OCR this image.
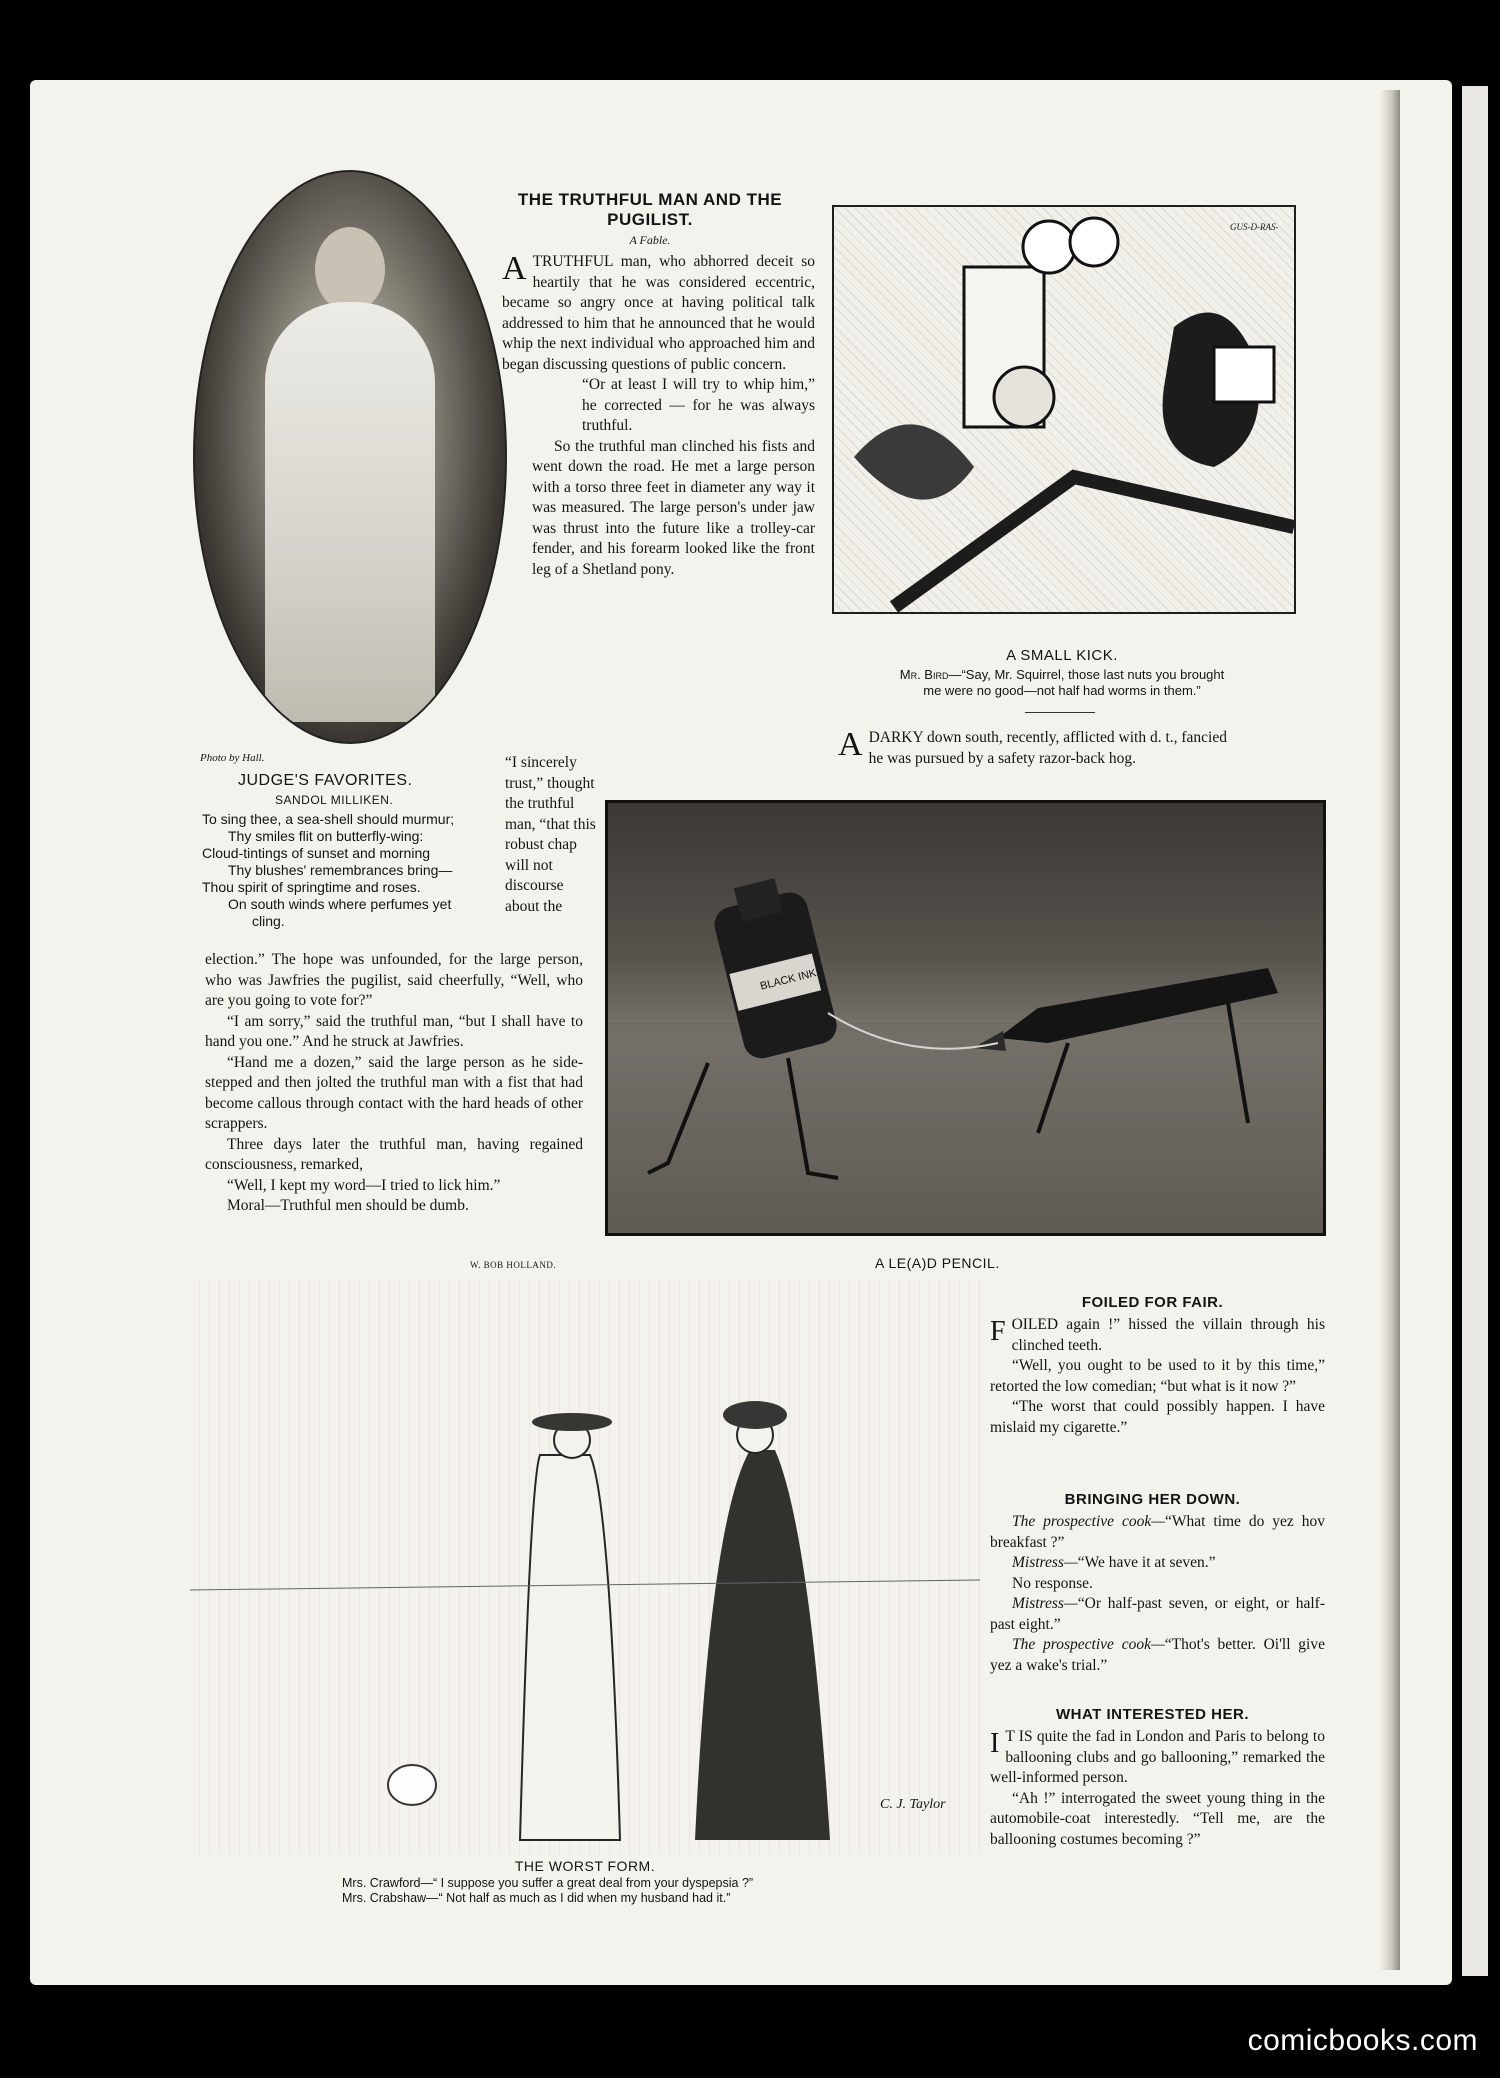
Photo by Hall.
JUDGE'S FAVORITES.
SANDOL MILLIKEN.
To sing thee, a sea-shell should murmur;
Thy smiles flit on butterfly-wing:
Cloud-tintings of sunset and morning
Thy blushes' remembrances bring—
Thou spirit of springtime and roses.
On south winds where perfumes yet
cling.
THE TRUTHFUL MAN AND THE PUGILIST.
A Fable.

ATRUTHFUL man, who abhorred deceit so heartily that he was considered eccentric, became so angry once at having political talk addressed to him that he announced that he would whip the next individual who approached him and began discussing questions of public concern.

“Or at least I will try to whip him,” he corrected — for he was always truthful.

So the truthful man clinched his fists and went down the road. He met a large person with a torso three feet in diameter any way it was measured. The large person's under jaw was thrust into the future like a trolley-car fender, and his forearm looked like the front leg of a Shetland pony.

“I sincerely trust,” thought the truthful man, “that this robust chap will not discourse about the

election.” The hope was unfounded, for the large person, who was Jawfries the pugilist, said cheerfully, “Well, who are you going to vote for?”

“I am sorry,” said the truthful man, “but I shall have to hand you one.” And he struck at Jawfries.

“Hand me a dozen,” said the large person as he side-stepped and then jolted the truthful man with a fist that had become callous through contact with the hard heads of other scrappers.

Three days later the truthful man, having regained consciousness, remarked,

“Well, I kept my word—I tried to lick him.”

Moral—Truthful men should be dumb.

W. BOB HOLLAND.
GUS-D-RAS-
A SMALL KICK.
Mr. Bird—“Say, Mr. Squirrel, those last nuts you brought
me were no good—not half had worms in them.”
A DARKY down south, recently, afflicted with d. t., fancied
he was pursued by a safety razor-back hog.
BLACK INK
A LE(A)D PENCIL.
C. J. Taylor
THE WORST FORM.
Mrs. Crawford—“ I suppose you suffer a great deal from your dyspepsia ?”
Mrs. Crabshaw—“ Not half as much as I did when my husband had it.”
FOILED FOR FAIR.

FOILED again !” hissed the villain through his clinched teeth.

“Well, you ought to be used to it by this time,” retorted the low comedian; “but what is it now ?”

“The worst that could possibly happen. I have mislaid my cigarette.”

BRINGING HER DOWN.

The prospective cook—“What time do yez hov breakfast ?”

Mistress—“We have it at seven.”

No response.

Mistress—“Or half-past seven, or eight, or half-past eight.”

The prospective cook—“Thot's better. Oi'll give yez a wake's trial.”

WHAT INTERESTED HER.

I T IS quite the fad in London and Paris to belong to ballooning clubs and go ballooning,” remarked the well-informed person.

“Ah !” interrogated the sweet young thing in the automobile-coat interestedly. “Tell me, are the ballooning costumes becoming ?”

comicbooks.com
